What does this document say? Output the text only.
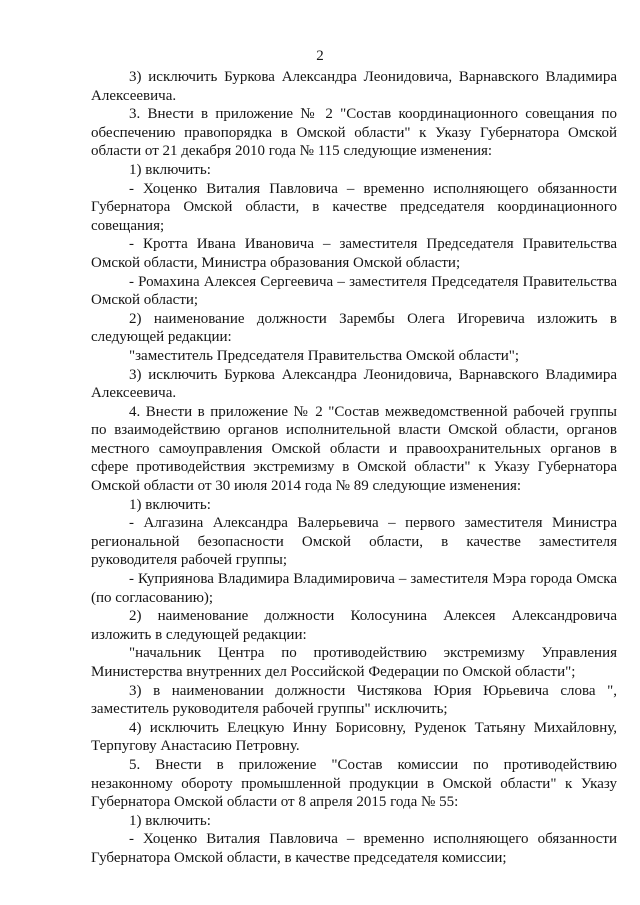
2

3) исключить Буркова Александра Леонидовича, Варнавского Владимира Алексеевича.

3. Внести в приложение № 2 "Состав координационного совещания по обеспечению правопорядка в Омской области" к Указу Губернатора Омской области от 21 декабря 2010 года № 115 следующие изменения:

1) включить:

- Хоценко Виталия Павловича – временно исполняющего обязанности Губернатора Омской области, в качестве председателя координационного совещания;

- Кротта Ивана Ивановича – заместителя Председателя Правительства Омской области, Министра образования Омской области;

- Ромахина Алексея Сергеевича – заместителя Председателя Правительства Омской области;

2) наименование должности Зарембы Олега Игоревича изложить в следующей редакции:

"заместитель Председателя Правительства Омской области";

3) исключить Буркова Александра Леонидовича, Варнавского Владимира Алексеевича.

4. Внести в приложение № 2 "Состав межведомственной рабочей группы по взаимодействию органов исполнительной власти Омской области, органов местного самоуправления Омской области и правоохранительных органов в сфере противодействия экстремизму в Омской области" к Указу Губернатора Омской области от 30 июля 2014 года № 89 следующие изменения:

1) включить:

- Алгазина Александра Валерьевича – первого заместителя Министра региональной безопасности Омской области, в качестве заместителя руководителя рабочей группы;

- Куприянова Владимира Владимировича – заместителя Мэра города Омска (по согласованию);

2) наименование должности Колосунина Алексея Александровича изложить в следующей редакции:

"начальник Центра по противодействию экстремизму Управления Министерства внутренних дел Российской Федерации по Омской области";

3) в наименовании должности Чистякова Юрия Юрьевича слова ", заместитель руководителя рабочей группы" исключить;

4) исключить Елецкую Инну Борисовну, Руденок Татьяну Михайловну, Терпугову Анастасию Петровну.

5. Внести в приложение "Состав комиссии по противодействию незаконному обороту промышленной продукции в Омской области" к Указу Губернатора Омской области от 8 апреля 2015 года № 55:

1) включить:

- Хоценко Виталия Павловича – временно исполняющего обязанности Губернатора Омской области, в качестве председателя комиссии;
